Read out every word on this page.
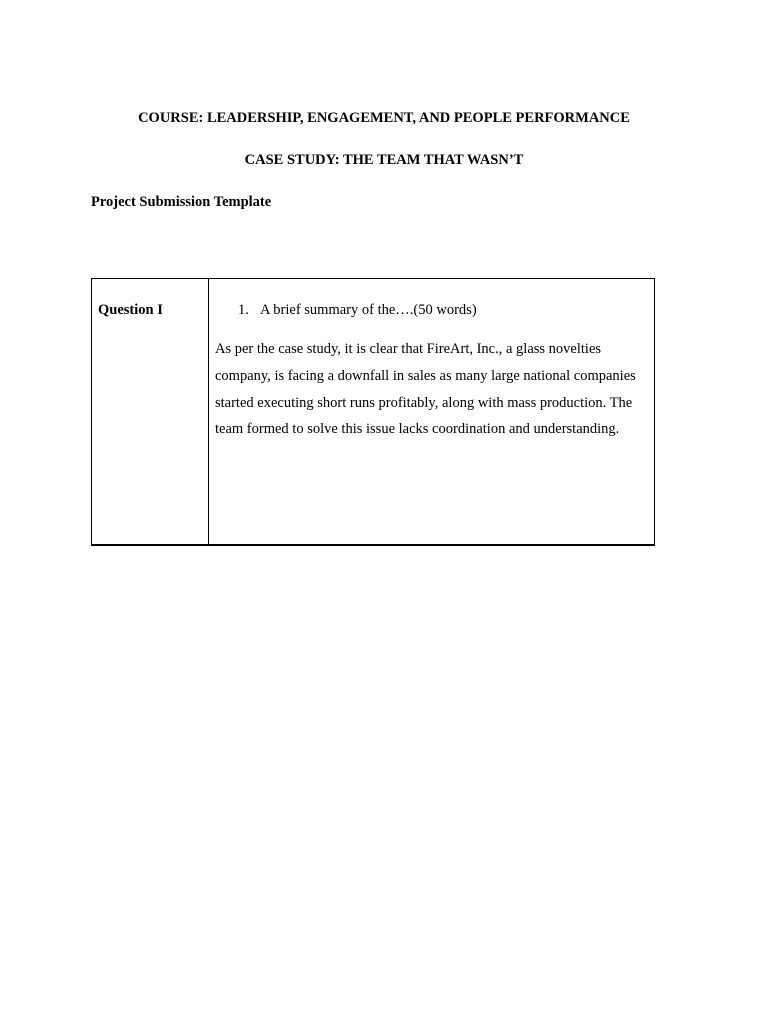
COURSE: LEADERSHIP, ENGAGEMENT, AND PEOPLE PERFORMANCE
CASE STUDY: THE TEAM THAT WASN’T

Project Submission Template

Question I	1. A brief summary of the….(50 words)

As per the case study, it is clear that FireArt, Inc., a glass novelties company, is facing a downfall in sales as many large national companies started executing short runs profitably, along with mass production. The team formed to solve this issue lacks coordination and understanding.
